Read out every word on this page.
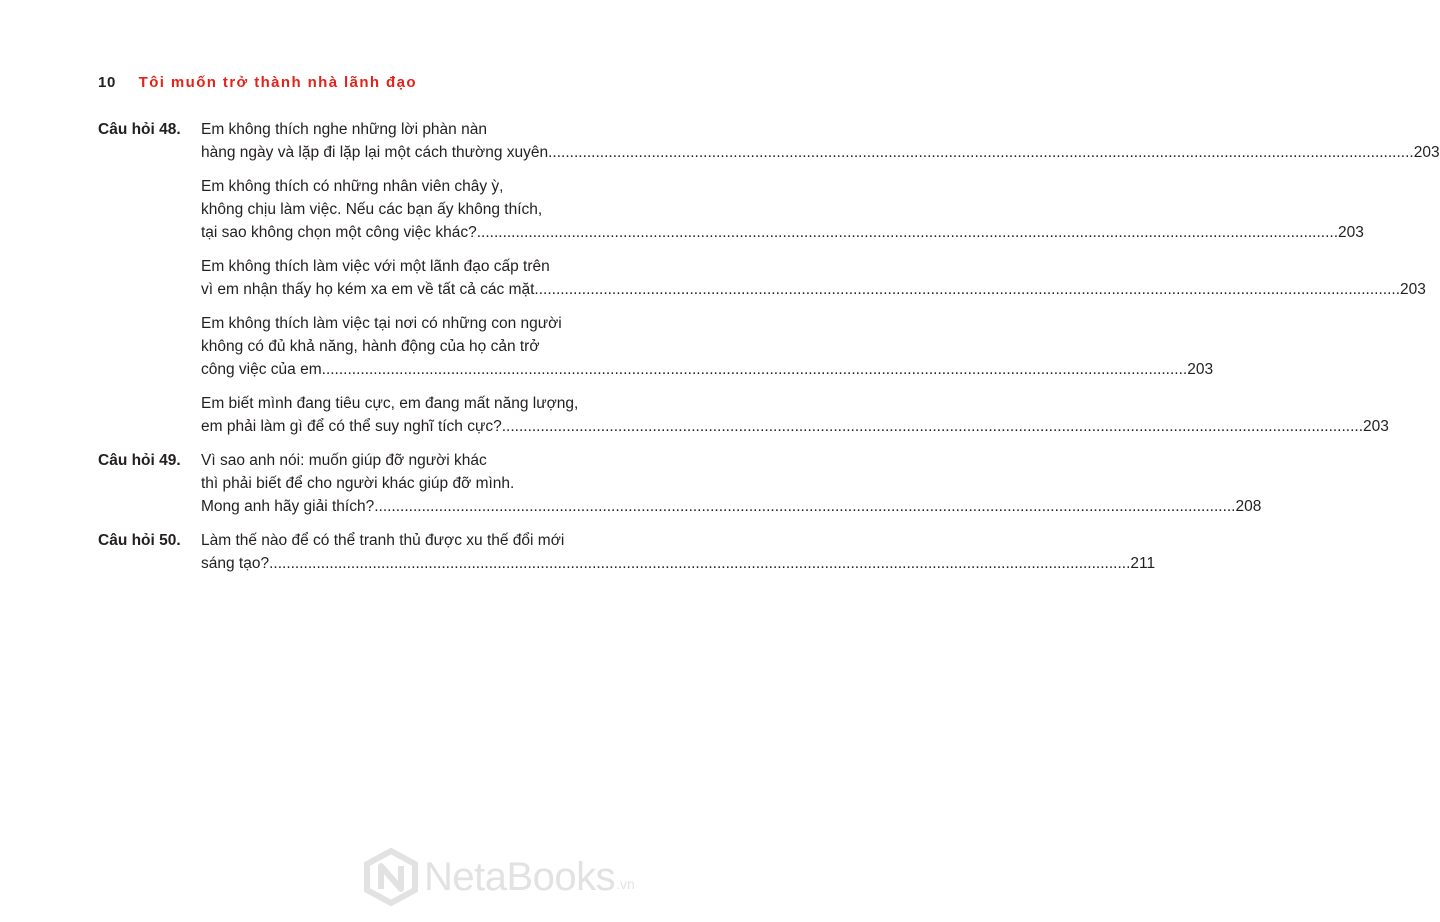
10 Tôi muốn trở thành nhà lãnh đạo
Câu hỏi 48. Em không thích nghe những lời phàn nàn
hàng ngày và lặp đi lặp lại một cách thường xuyên. ........................................................................................................................................................................................................ 203
Em không thích có những nhân viên chây ỳ,
không chịu làm việc. Nếu các bạn ấy không thích,
tại sao không chọn một công việc khác? ........................................................................................................................................................................................................ 203
Em không thích làm việc với một lãnh đạo cấp trên
vì em nhận thấy họ kém xa em về tất cả các mặt. ........................................................................................................................................................................................................ 203
Em không thích làm việc tại nơi có những con người
không có đủ khả năng, hành động của họ cản trở
công việc của em. ........................................................................................................................................................................................................ 203
Em biết mình đang tiêu cực, em đang mất năng lượng,
em phải làm gì để có thể suy nghĩ tích cực? ........................................................................................................................................................................................................ 203
Câu hỏi 49. Vì sao anh nói: muốn giúp đỡ người khác
thì phải biết để cho người khác giúp đỡ mình.
Mong anh hãy giải thích? ........................................................................................................................................................................................................ 208
Câu hỏi 50. Làm thế nào để có thể tranh thủ được xu thế đổi mới
sáng tạo? ........................................................................................................................................................................................................ 211
NetaBooks .vn
